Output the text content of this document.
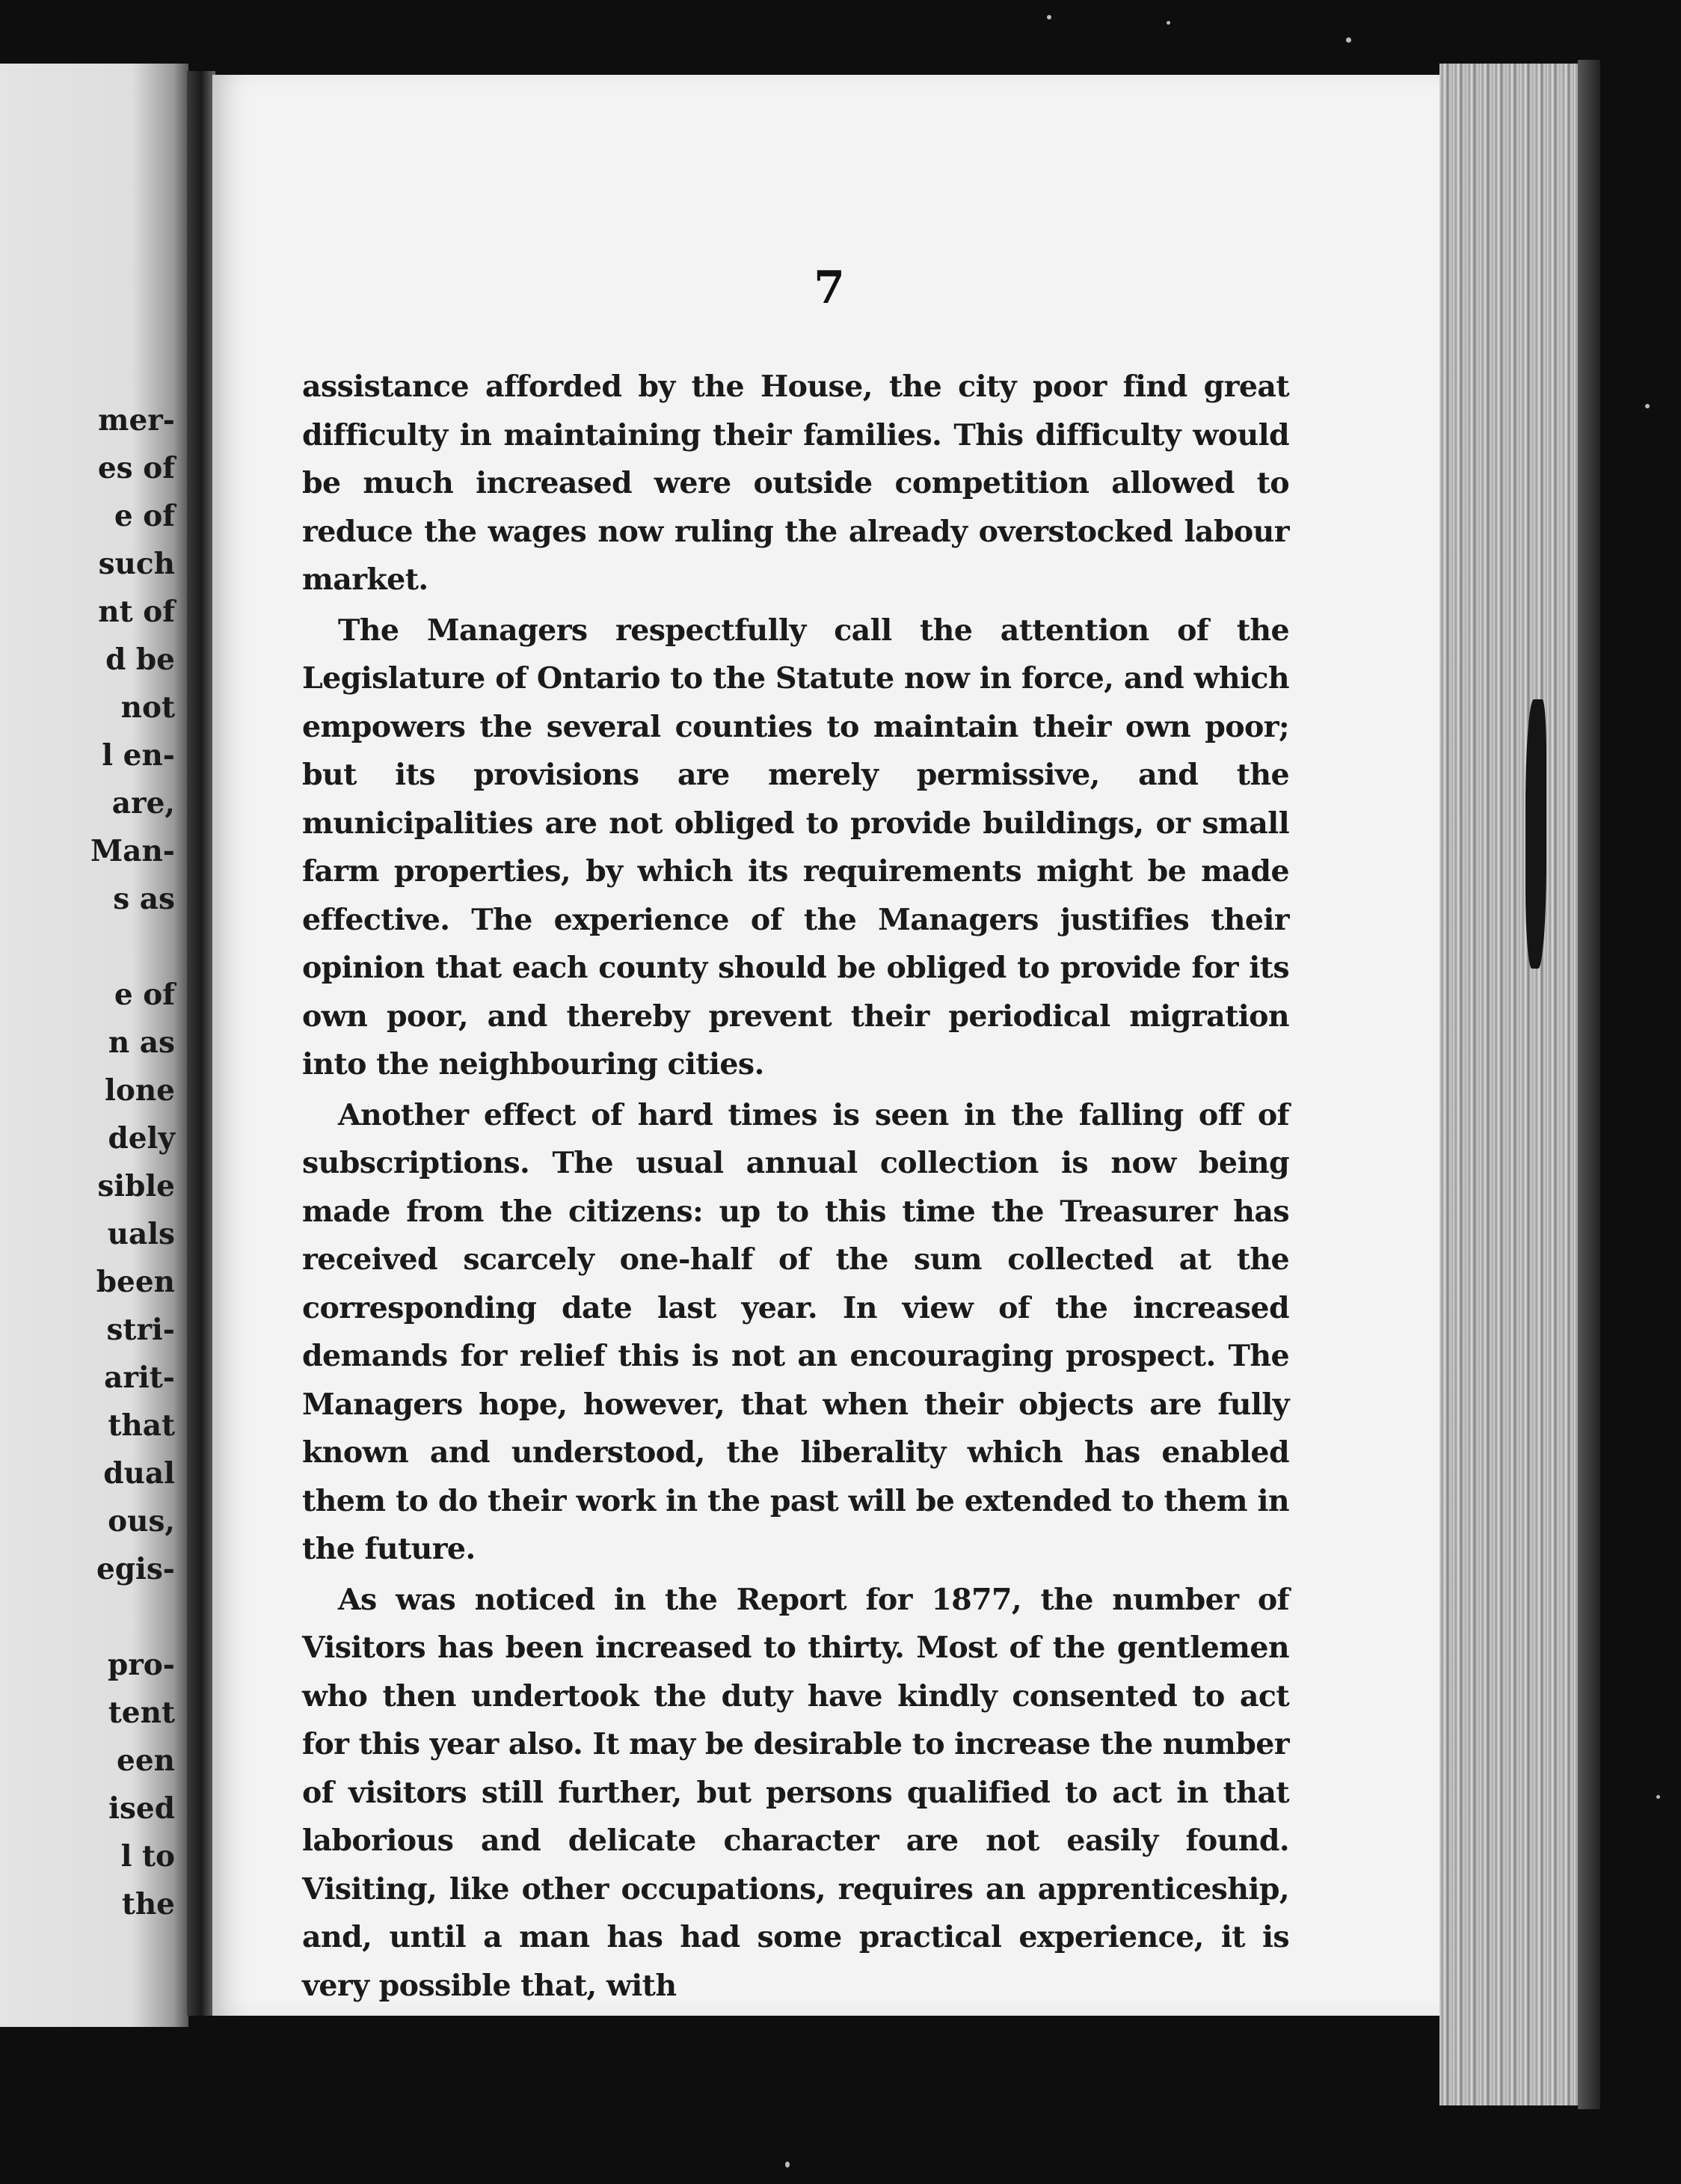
mer-
es of
e of
such
nt of
d be
not
l en-
are,
Man-
s as
e of
n as
lone
dely
sible
uals
been
stri-
arit-
that
dual
ous,
egis-
pro-
tent
een
ised
l to
the
7

assistance afforded by the House, the city poor find great difficulty in maintaining their families. This difficulty would be much increased were outside competition allowed to reduce the wages now ruling the already overstocked labour market.

The Managers respectfully call the attention of the Legislature of Ontario to the Statute now in force, and which empowers the several counties to maintain their own poor; but its provisions are merely permissive, and the municipalities are not obliged to provide buildings, or small farm properties, by which its requirements might be made effective. The experience of the Managers justifies their opinion that each county should be obliged to provide for its own poor, and thereby prevent their periodical migration into the neighbouring cities.

Another effect of hard times is seen in the falling off of subscriptions. The usual annual collection is now being made from the citizens: up to this time the Treasurer has received scarcely one-half of the sum collected at the corresponding date last year. In view of the increased demands for relief this is not an encouraging prospect. The Managers hope, however, that when their objects are fully known and understood, the liberality which has enabled them to do their work in the past will be extended to them in the future.

As was noticed in the Report for 1877, the number of Visitors has been increased to thirty. Most of the gentlemen who then undertook the duty have kindly consented to act for this year also. It may be desirable to increase the number of visitors still further, but persons qualified to act in that laborious and delicate character are not easily found. Visiting, like other occupations, requires an apprenticeship, and, until a man has had some practical experience, it is very possible that, with
